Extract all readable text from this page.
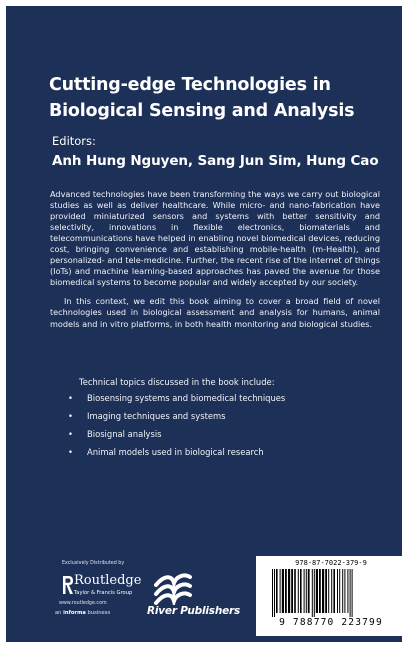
Cutting-edge Technologies in
Biological Sensing and Analysis
Editors:
Anh Hung Nguyen, Sang Jun Sim, Hung Cao

Advanced technologies have been transforming the ways we carry out biological studies as well as deliver healthcare. While micro- and nano-fabrication have provided miniaturized sensors and systems with better sensitivity and selectivity, innovations in flexible electronics, biomaterials and telecommunications have helped in enabling novel biomedical devices, reducing cost, bringing convenience and establishing mobile-health (m-Health), and personalized- and tele-medicine. Further, the recent rise of the internet of things (IoTs) and machine learning-based approaches has paved the avenue for those biomedical systems to become popular and widely accepted by our society.

In this context, we edit this book aiming to cover a broad field of novel technologies used in biological assessment and analysis for humans, animal models and in vitro platforms, in both health monitoring and biological studies.

Technical topics discussed in the book include:
• Biosensing systems and biomedical techniques
• Imaging techniques and systems
• Biosignal analysis
• Animal models used in biological research
Exclusively Distributed by
Routledge
Taylor & Francis Group
www.routledge.com
an informa business	River Publishers
978-87-7022-379-9
9 788770 223799
